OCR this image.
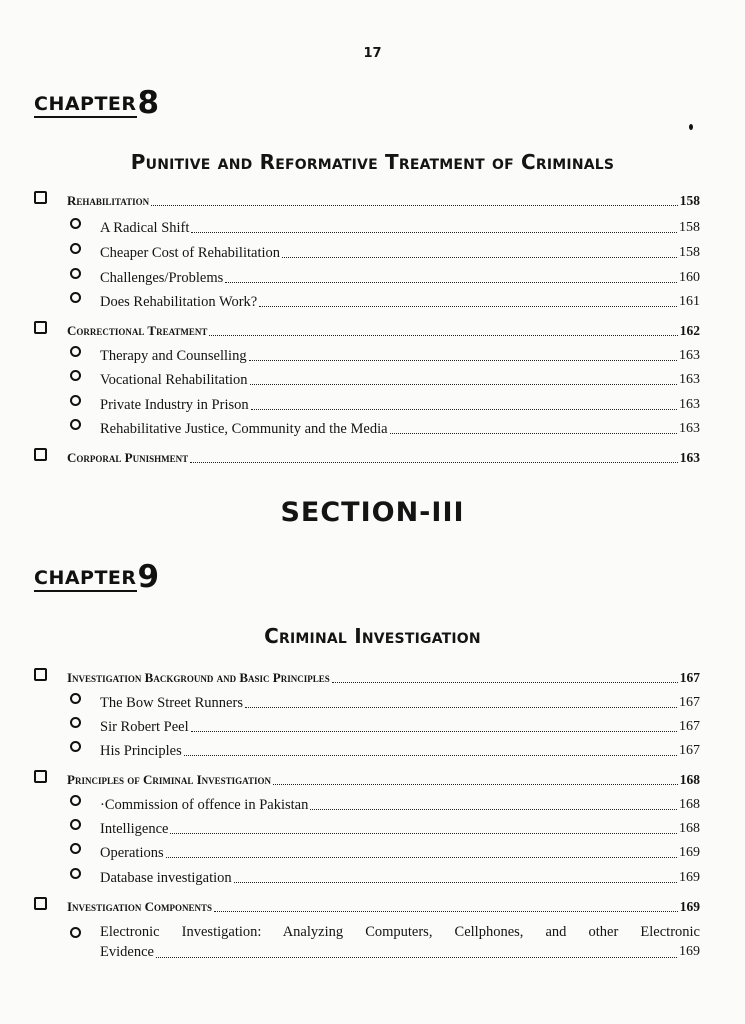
17
CHAPTER 8
Punitive and Reformative Treatment of Criminals
Rehabilitation	158
A Radical Shift	158
Cheaper Cost of Rehabilitation	158
Challenges/Problems	160
Does Rehabilitation Work?	161
Correctional Treatment	162
Therapy and Counselling	163
Vocational Rehabilitation	163
Private Industry in Prison	163
Rehabilitative Justice, Community and the Media	163
Corporal Punishment	163
SECTION-III
CHAPTER 9
Criminal Investigation
Investigation Background and Basic Principles	167
The Bow Street Runners	167
Sir Robert Peel	167
His Principles	167
Principles of Criminal Investigation	168
·Commission of offence in Pakistan	168
Intelligence	168
Operations	169
Database investigation	169
Investigation Components	169
Electronic Investigation: Analyzing Computers, Cellphones, and other Electronic
Evidence	169
